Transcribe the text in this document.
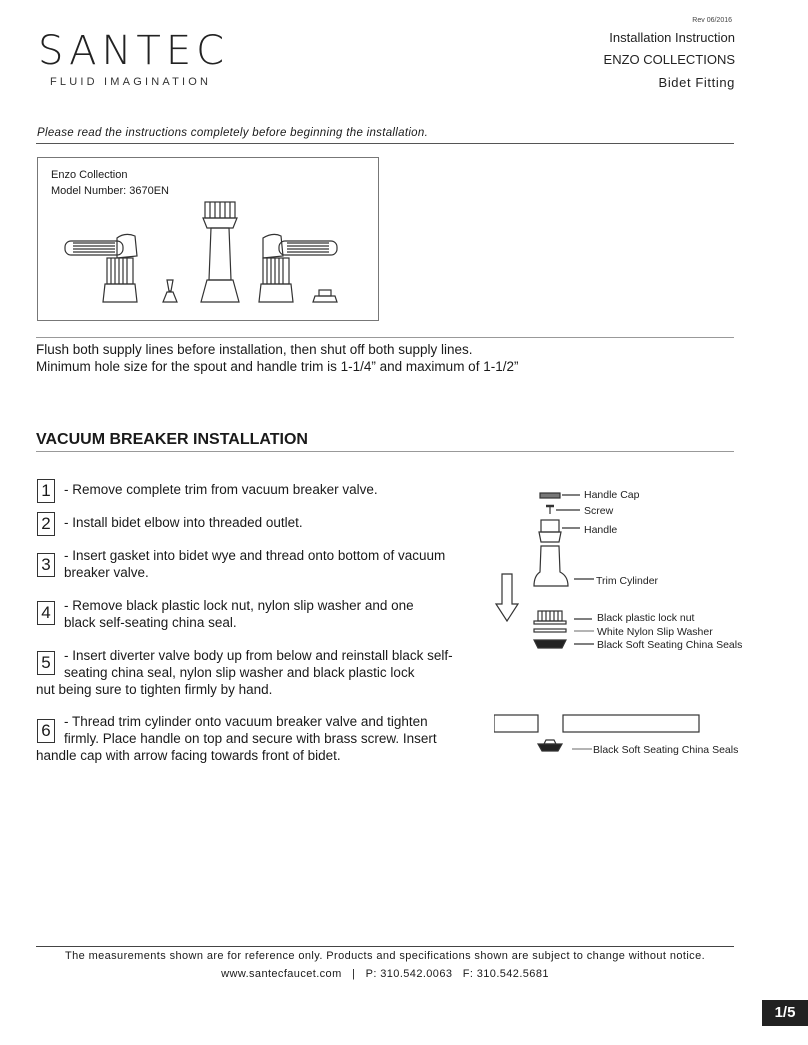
SANTEC
FLUID IMAGINATION
Rev 06/2016
Installation Instruction
ENZO COLLECTIONS
Bidet Fitting
Please read the instructions completely before beginning the installation.
Enzo Collection
Model Number: 3670EN
Flush both supply lines before installation, then shut off both supply lines.
Minimum hole size for the spout and handle trim is 1-1/4” and maximum of 1-1/2”
VACUUM BREAKER INSTALLATION
1 - Remove complete trim from vacuum breaker valve.
2 - Install bidet elbow into threaded outlet.
3 - Insert gasket into bidet wye and thread onto bottom of vacuum breaker valve.
4 - Remove black plastic lock nut, nylon slip washer and one black self-seating china seal.
5 - Insert diverter valve body up from below and reinstall black self-seating china seal, nylon slip washer and black plastic lock
nut being sure to tighten firmly by hand.
6 - Thread trim cylinder onto vacuum breaker valve and tighten firmly. Place handle on top and secure with brass screw. Insert
handle cap with arrow facing towards front of bidet.
Handle Cap
Screw
Handle
Trim Cylinder
Black plastic lock nut
White Nylon Slip Washer
Black Soft Seating China Seals
Black Soft Seating China Seals
The measurements shown are for reference only. Products and specifications shown are subject to change without notice.
www.santecfaucet.com   |   P: 310.542.0063   F: 310.542.5681
1/5
